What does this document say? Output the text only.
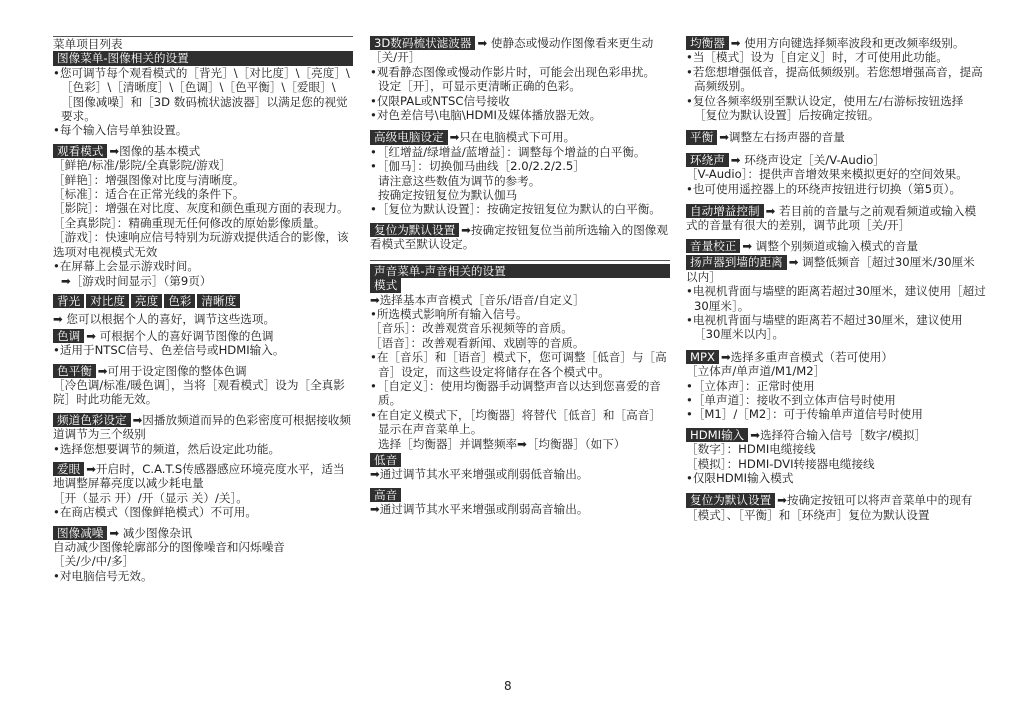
菜单项目列表

图像菜单-图像相关的设置

•您可调节每个观看模式的［背光］\［对比度］\［亮度］\［色彩］\［清晰度］\［色调］\［色平衡］\［爱眼］\［图像减噪］和［3D 数码梳状滤波器］以满足您的视觉要求。

•每个输入信号单独设置。

观看模式 ➡图像的基本模式

［鲜艳/标准/影院/全真影院/游戏］

［鲜艳］：增强图像对比度与清晰度。

［标准］：适合在正常光线的条件下。

［影院］：增强在对比度、灰度和颜色重现方面的表现力。

［全真影院］：精确重现无任何修改的原始影像质量。

［游戏］：快速响应信号特别为玩游戏提供适合的影像，该选项对电视模式无效

•在屏幕上会显示游戏时间。

➡［游戏时间显示］（第9页）

背光 对比度 亮度 色彩 清晰度

➡ 您可以根据个人的喜好，调节这些选项。

色调 ➡ 可根据个人的喜好调节图像的色调

•适用于NTSC信号、色差信号或HDMI输入。

色平衡 ➡可用于设定图像的整体色调

［冷色调/标准/暖色调］，当将［观看模式］设为［全真影院］时此功能无效。

频道色彩设定 ➡因播放频道而异的色彩密度可根据接收频道调节为三个级别

•选择您想要调节的频道，然后设定此功能。

爱眼 ➡开启时，C.A.T.S传感器感应环境亮度水平，适当地调整屏幕亮度以减少耗电量

［开（显示 开）/开（显示 关）/关］。

•在商店模式（图像鲜艳模式）不可用。

图像减噪 ➡ 减少图像杂讯

自动减少图像轮廓部分的图像噪音和闪烁噪音

［关/少/中/多］

•对电脑信号无效。

3D数码梳状滤波器 ➡ 使静态或慢动作图像看来更生动［关/开］

•观看静态图像或慢动作影片时，可能会出现色彩串扰。

设定［开］，可显示更清晰正确的色彩。

•仅限PAL或NTSC信号接收

•对色差信号\电脑\HDMI及媒体播放器无效。

高级电脑设定 ➡只在电脑模式下可用。

•［红增益/绿增益/蓝增益］：调整每个增益的白平衡。

•［伽马］：切换伽马曲线［2.0/2.2/2.5］

请注意这些数值为调节的参考。

按确定按钮复位为默认伽马

•［复位为默认设置］：按确定按钮复位为默认的白平衡。

复位为默认设置 ➡按确定按钮复位当前所选输入的图像观看模式至默认设定。

声音菜单-声音相关的设置

模式

➡选择基本声音模式［音乐/语音/自定义］

•所选模式影响所有输入信号。

［音乐］：改善观赏音乐视频等的音质。

［语音］：改善观看新闻、戏剧等的音质。

•在［音乐］和［语音］模式下，您可调整［低音］与［高音］设定，而这些设定将储存在各个模式中。

•［自定义］：使用均衡器手动调整声音以达到您喜爱的音质。

•在自定义模式下，［均衡器］将替代［低音］和［高音］显示在声音菜单上。

选择［均衡器］并调整频率➡［均衡器］（如下）

低音

➡通过调节其水平来增强或削弱低音输出。

高音

➡通过调节其水平来增强或削弱高音输出。

均衡器 ➡ 使用方向键选择频率波段和更改频率级别。

•当［模式］设为［自定义］时，才可使用此功能。

•若您想增强低音，提高低频级别。若您想增强高音，提高高频级别。

•复位各频率级别至默认设定，使用左/右游标按钮选择［复位为默认设置］后按确定按钮。

平衡 ➡调整左右扬声器的音量

环绕声 ➡ 环绕声设定［关/V-Audio］

［V-Audio］：提供声音增效果来模拟更好的空间效果。

•也可使用遥控器上的环绕声按钮进行切换（第5页）。

自动增益控制 ➡ 若目前的音量与之前观看频道或输入模式的音量有很大的差别，调节此项［关/开］

音量校正 ➡ 调整个别频道或输入模式的音量

扬声器到墙的距离 ➡ 调整低频音［超过30厘米/30厘米以内］

•电视机背面与墙壁的距离若超过30厘米，建议使用［超过30厘米］。

•电视机背面与墙壁的距离若不超过30厘米，建议使用［30厘米以内］。

MPX ➡选择多重声音模式（若可使用）

［立体声/单声道/M1/M2］

•［立体声］：正常时使用

•［单声道］：接收不到立体声信号时使用

•［M1］/［M2］：可于传输单声道信号时使用

HDMI输入 ➡选择符合输入信号［数字/模拟］

［数字］：HDMI电缆接线

［模拟］：HDMI-DVI转接器电缆接线

•仅限HDMI输入模式

复位为默认设置 ➡按确定按钮可以将声音菜单中的现有［模式］、［平衡］和［环绕声］复位为默认设置

8
